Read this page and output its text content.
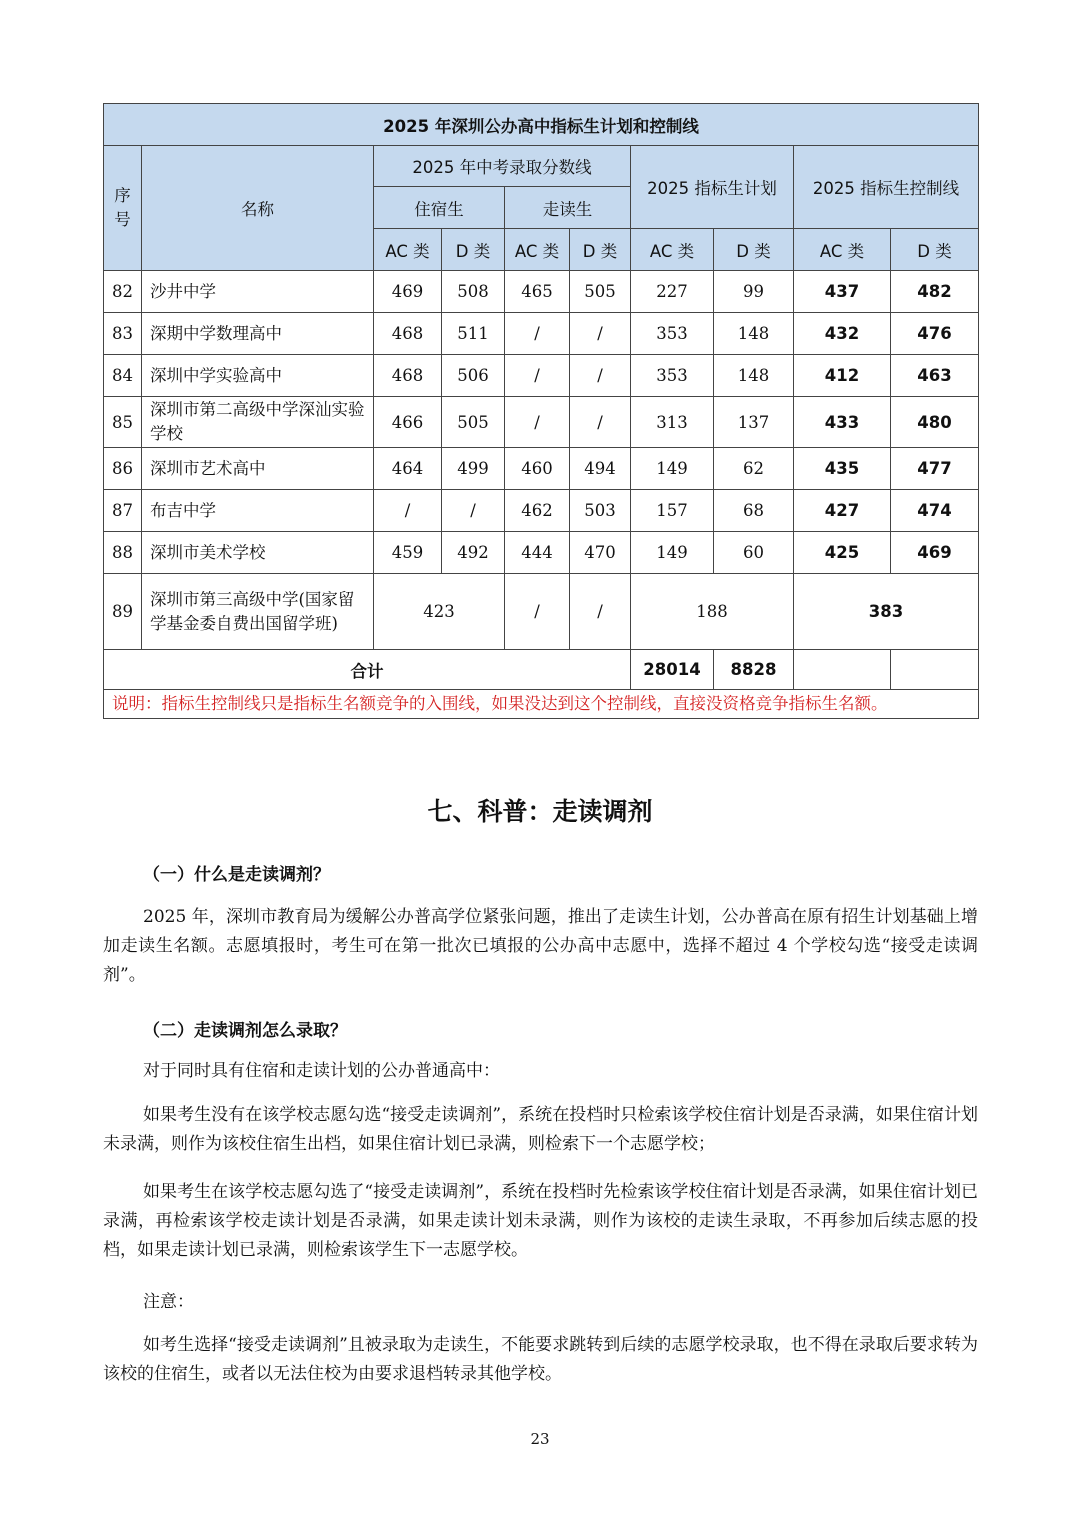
2025 年深圳公办高中指标生计划和控制线									
序号	名称	2025 年中考录取分数线				2025 指标生计划		2025 指标生控制线	
		住宿生		走读生					
		AC 类	D 类	AC 类	D 类	AC 类	D 类	AC 类	D 类
82	沙井中学	469	508	465	505	227	99	437	482
83	深期中学数理高中	468	511	/	/	353	148	432	476
84	深圳中学实验高中	468	506	/	/	353	148	412	463
85	深圳市第二高级中学深汕实验学校	466	505	/	/	313	137	433	480
86	深圳市艺术高中	464	499	460	494	149	62	435	477
87	布吉中学	/	/	462	503	157	68	427	474
88	深圳市美术学校	459	492	444	470	149	60	425	469
89	深圳市第三高级中学(国家留学基金委自费出国留学班)	423		/	/	188		383	
合计						28014	8828		
说明：指标生控制线只是指标生名额竞争的入围线，如果没达到这个控制线，直接没资格竞争指标生名额。									
七、科普：走读调剂
（一）什么是走读调剂？
2025 年，深圳市教育局为缓解公办普高学位紧张问题，推出了走读生计划，公办普高在原有招生计划基础上增加走读生名额。志愿填报时，考生可在第一批次已填报的公办高中志愿中，选择不超过 4 个学校勾选“接受走读调剂”。
（二）走读调剂怎么录取？
对于同时具有住宿和走读计划的公办普通高中：
如果考生没有在该学校志愿勾选“接受走读调剂”，系统在投档时只检索该学校住宿计划是否录满，如果住宿计划未录满，则作为该校住宿生出档，如果住宿计划已录满，则检索下一个志愿学校；
如果考生在该学校志愿勾选了“接受走读调剂”，系统在投档时先检索该学校住宿计划是否录满，如果住宿计划已录满，再检索该学校走读计划是否录满，如果走读计划未录满，则作为该校的走读生录取，不再参加后续志愿的投档，如果走读计划已录满，则检索该学生下一志愿学校。
注意：
如考生选择“接受走读调剂”且被录取为走读生，不能要求跳转到后续的志愿学校录取，也不得在录取后要求转为该校的住宿生，或者以无法住校为由要求退档转录其他学校。
23
